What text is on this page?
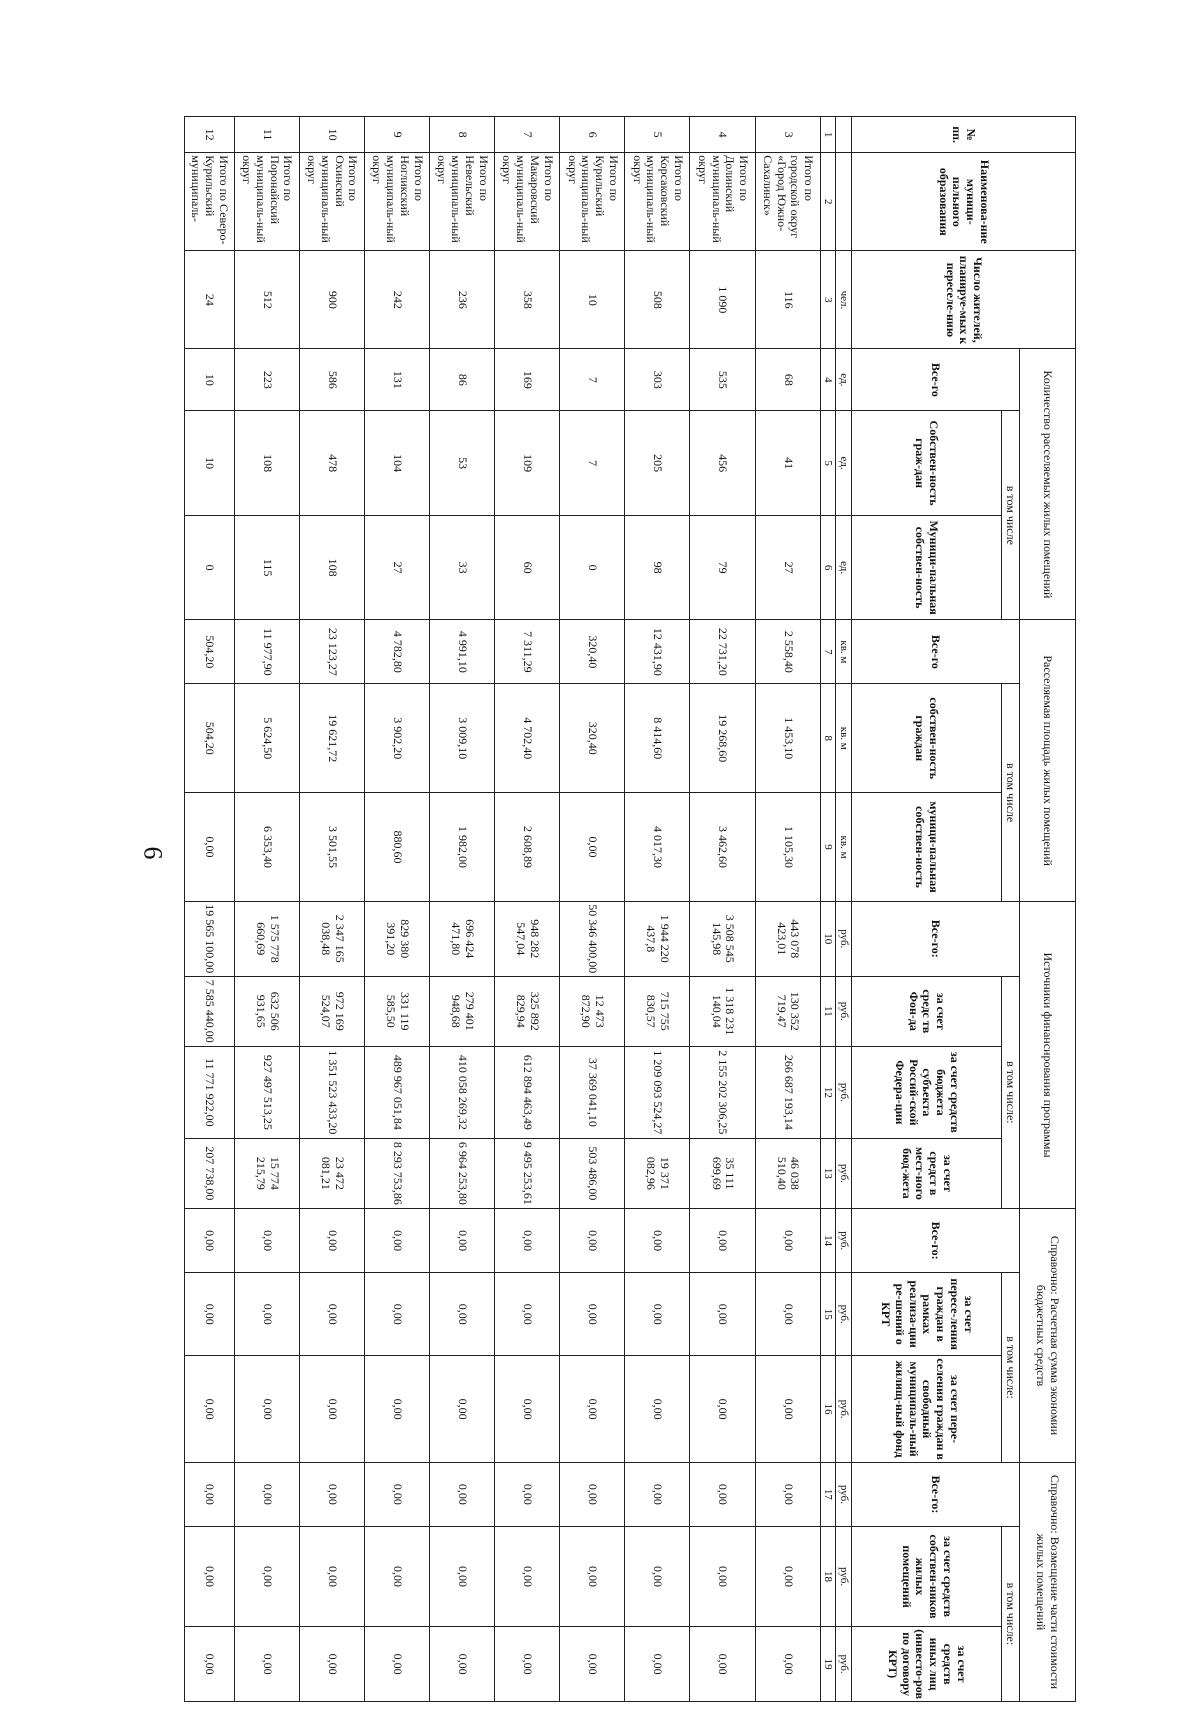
6
№ пп.	Наименова-ние муници-пального образования	Число жителей, планируе-мых к переселе-нию	Количество расселяемых жилых помещений			Расселяемая площадь жилых помещений			Источники финансирования программы				Справочно: Расчетная сумма экономии бюджетных средств			Справочно: Возмещение части стоимости жилых помещений		
			Все-го	в том числе		Все-го	в том числе		Все-го:	в том числе:			Все-го:	в том числе:		Все-го:	в том числе:	
				Собствен-ность граж-дан	Муници-пальная собствен-ность		собствен-ность граждан	муници-пальная собствен-ность		за счет средс тв Фон-да	за счет средств бюджета субъекта Россий-ской Федера-ции	за счет средст в мест-ного бюд-жета		за счет пересе-ления граждан в рамках реализа-ции ре-шений о КРТ	за счет пере-селения граждан в свободный муниципаль-ный жилищ-ный фонд		за счет средств собствен-ников жилых помещений	за счет средств иных лиц (инвесто-ров по договору КРТ)

		чел.	ед.	ед.	ед.	кв. м	кв. м	кв. м	руб.	руб.	руб.	руб.	руб.	руб.	руб.	руб.	руб.	руб.
1	2	3	4	5	6	7	8	9	10	11	12	13	14	15	16	17	18	19
3	Итого по городской округ «Город Южно-Сахалинск»	116	68	41	27	2 558,40	1 453,10	1 105,30	443 078 423,01	130 352 719,47	266 687 193,14	46 038 510,40	0,00	0,00	0,00	0,00	0,00	0,00
4	Итого по Долинский муниципаль-ный округ	1 090	535	456	79	22 731,20	19 268,60	3 462,60	3 508 545 145,98	1 318 231 140,04	2 155 202 306,25	35 111 699,69	0,00	0,00	0,00	0,00	0,00	0,00
5	Итого по Корсаковский муниципаль-ный округ	508	303	205	98	12 431,90	8 414,60	4 017,30	1 944 220 437,8	715 755 830,57	1 209 093 524,27	19 371 082,96	0,00	0,00	0,00	0,00	0,00	0,00
6	Итого по Курильский муниципаль-ный округ	10	7	7	0	320,40	320,40	0,00	50 346 400,00	12 473 872,90	37 369 041,10	503 486,00	0,00	0,00	0,00	0,00	0,00	0,00
7	Итого по Макаровский муниципаль-ный округ	358	169	109	60	7 311,29	4 702,40	2 608,89	948 282 547,04	325 892 829,94	612 894 463,49	9 495 253,61	0,00	0,00	0,00	0,00	0,00	0,00
8	Итого по Невельский муниципаль-ный округ	236	86	53	33	4 991,10	3 009,10	1 982,00	696 424 471,80	279 401 948,68	410 058 269,32	6 964 253,80	0,00	0,00	0,00	0,00	0,00	0,00
9	Итого по Ногликский муниципаль-ный округ	242	131	104	27	4 782,80	3 902,20	880,60	829 380 391,20	331 119 585,50	489 967 051,84	8 293 753,86	0,00	0,00	0,00	0,00	0,00	0,00
10	Итого по Охинский муниципаль-ный округ	900	586	478	108	23 123,27	19 621,72	3 501,55	2 347 165 038,48	972 169 524,07	1 351 523 433,20	23 472 081,21	0,00	0,00	0,00	0,00	0,00	0,00
11	Итого по Поронайский муниципаль-ный округ	512	223	108	115	11 977,90	5 624,50	6 353,40	1 575 778 660,69	632 506 931,65	927 497 513,25	15 774 215,79	0,00	0,00	0,00	0,00	0,00	0,00
12	Итого по Северо-Курильский муниципаль-	24	10	10	0	504,20	504,20	0,00	19 565 100,00	7 585 440,00	11 771 922,00	207 738,00	0,00	0,00	0,00	0,00	0,00	0,00
